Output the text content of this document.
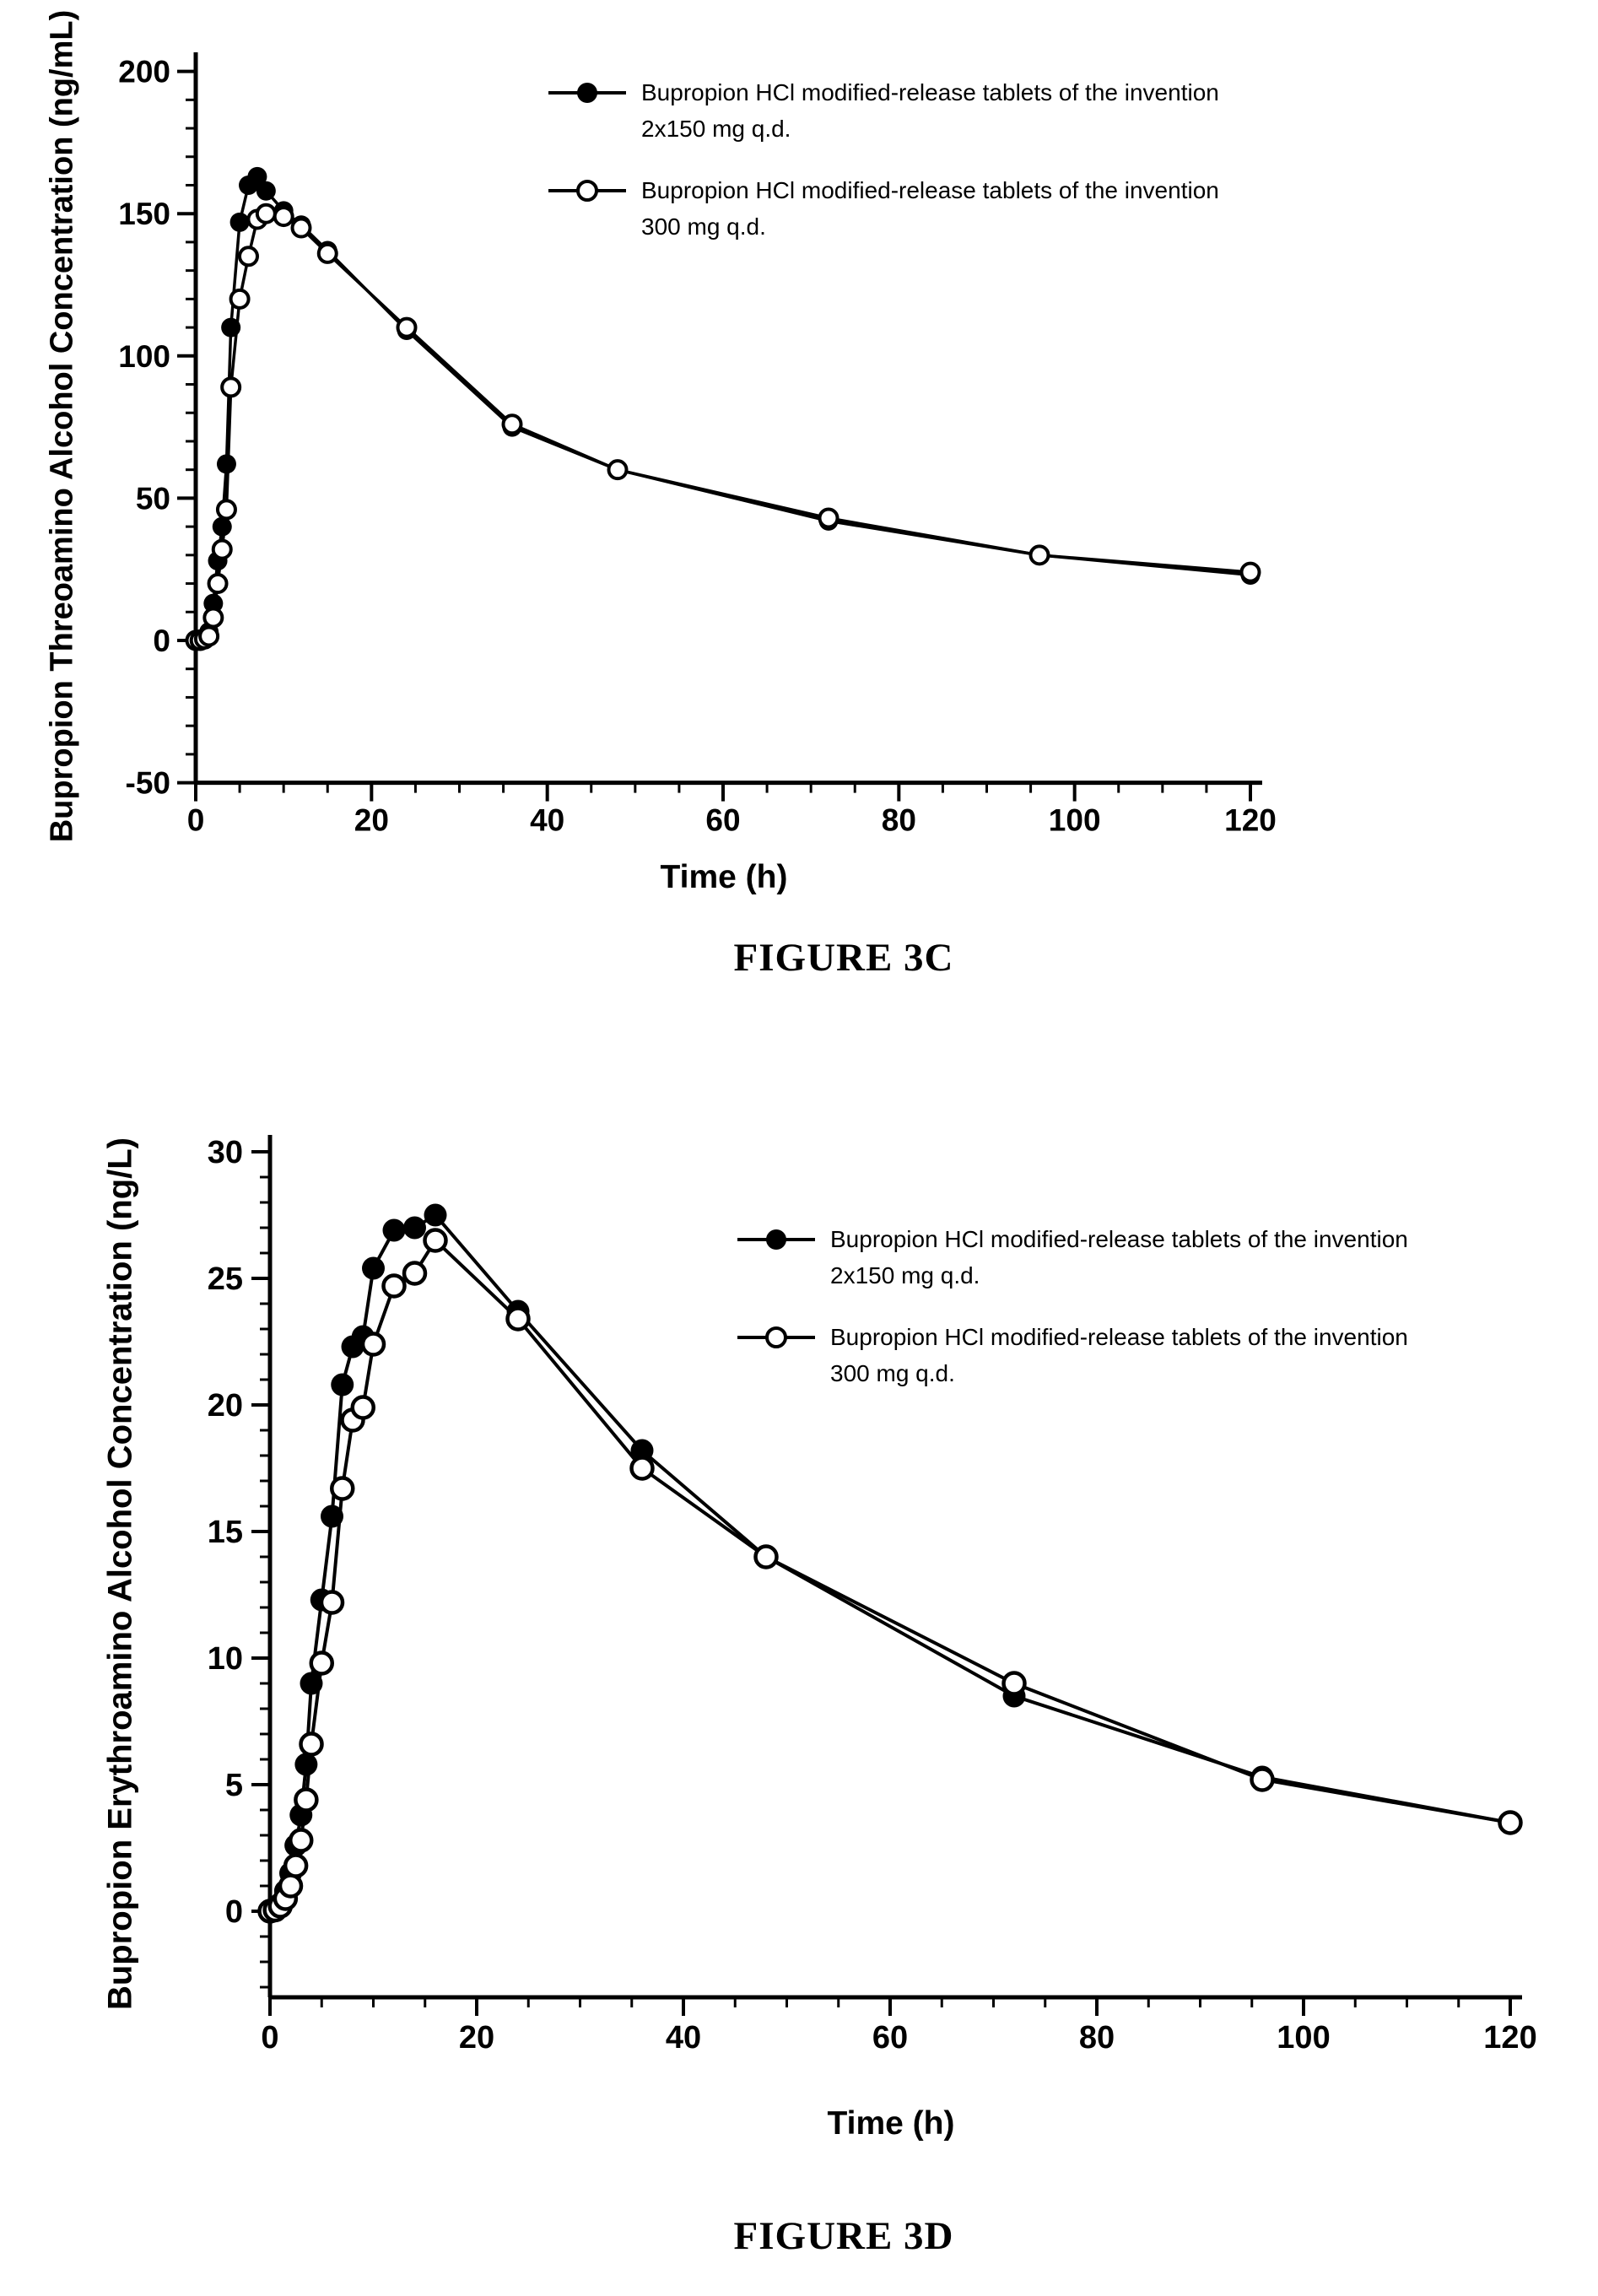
0	20	40	60	80	100	120
-50
0
50
100
150
200
Bupropion Threoamino Alcohol Concentration (ng/mL)
Time (h)
FIGURE 3C
Bupropion HCl modified-release tablets of the invention
2x150 mg q.d.
Bupropion HCl modified-release tablets of the invention
300 mg q.d.
0	20	40	60	80	100	120
0
5
10
15
20
25
30
Bupropion Erythroamino Alcohol Concentration (ng/L)
Time (h)
FIGURE 3D
Bupropion HCl modified-release tablets of the invention
2x150 mg q.d.
Bupropion HCl modified-release tablets of the invention
300 mg q.d.
